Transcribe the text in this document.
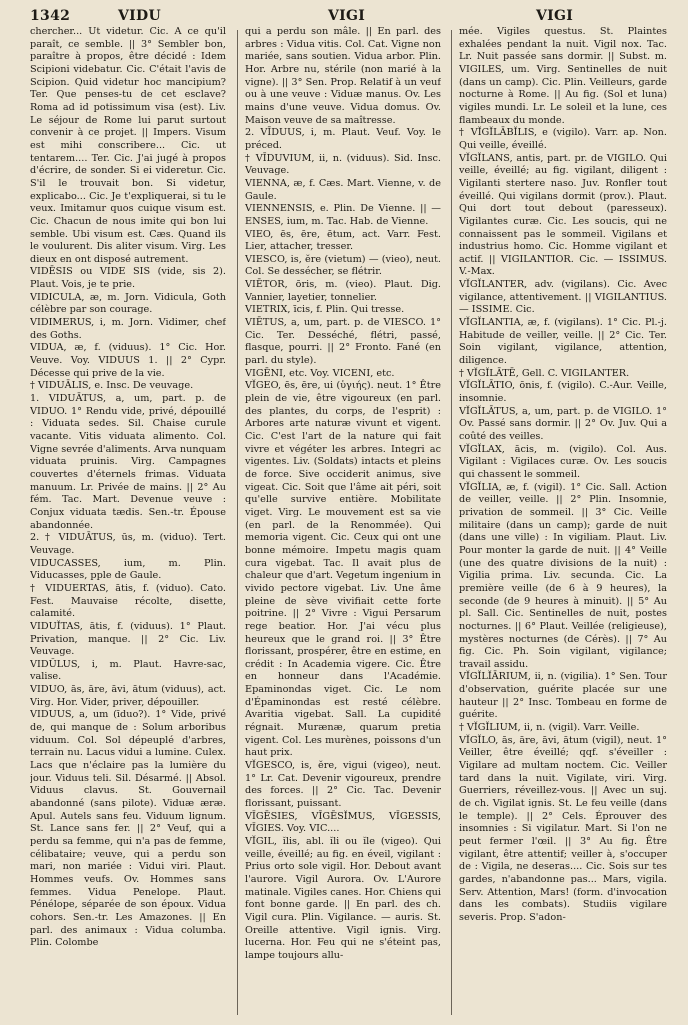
1342	VIDU	VIGI	VIGI

chercher... Ut videtur. Cic. A ce qu'il paraît, ce semble. || 3° Sembler bon, paraître à propos, être décidé : Idem Scipioni videbatur. Cic. C'était l'avis de Scipion. Quid videtur hoc mancipium? Ter. Que penses-tu de cet esclave? Roma ad id potissimum visa (est). Liv. Le séjour de Rome lui parut surtout convenir à ce projet. || Impers. Visum est mihi conscribere... Cic. ut tentarem.... Ter. Cic. J'ai jugé à propos d'écrire, de sonder. Si ei videretur. Cic. S'il le trouvait bon. Si videtur, explicabo... Cic. Je t'expliquerai, si tu le veux. Imitamur quos cuique visum est. Cic. Chacun de nous imite qui bon lui semble. Ubi visum est. Cæs. Quand ils le voulurent. Dis aliter visum. Virg. Les dieux en ont disposé autrement.

VIDĒSIS ou VIDE SIS (vide, sis 2). Plaut. Vois, je te prie.

VIDICULA, æ, m. Jorn. Vidicula, Goth célèbre par son courage.

VIDIMERUS, i, m. Jorn. Vidimer, chef des Goths.

VIDUA, æ, f. (viduus). 1° Cic. Hor. Veuve. Voy. VIDUUS 1. || 2° Cypr. Décesse qui prive de la vie.

† VIDUĀLIS, e. Insc. De veuvage.

1. VIDUĀTUS, a, um, part. p. de VIDUO. 1° Rendu vide, privé, dépouillé : Viduata sedes. Sil. Chaise curule vacante. Vitis viduata alimento. Col. Vigne sevrée d'aliments. Arva nunquam viduata pruinis. Virg. Campagnes couvertes d'éternels frimas. Viduata manuum. Lr. Privée de mains. || 2° Au fém. Tac. Mart. Devenue veuve : Conjux viduata tædis. Sen.-tr. Épouse abandonnée.

2. † VIDUĀTUS, ūs, m. (viduo). Tert. Veuvage.

VIDUCASSES, ium, m. Plin. Viducasses, pple de Gaule.

† VIDUERTAS, ātis, f. (viduo). Cato. Fest. Mauvaise récolte, disette, calamité.

VIDUĬTAS, ātis, f. (viduus). 1° Plaut. Privation, manque. || 2° Cic. Liv. Veuvage.

VIDŬLUS, i, m. Plaut. Havre-sac, valise.

VIDUO, ās, āre, āvi, ātum (viduus), act. Virg. Hor. Vider, priver, dépouiller.

VIDUUS, a, um (īduo?). 1° Vide, privé de, qui manque de : Solum arboribus viduum. Col. Sol dépeuplé d'arbres, terrain nu. Lacus vidui a lumine. Culex. Lacs que n'éclaire pas la lumière du jour. Viduus teli. Sil. Désarmé. || Absol. Viduus clavus. St. Gouvernail abandonné (sans pilote). Viduæ æræ. Apul. Autels sans feu. Viduum lignum. St. Lance sans fer. || 2° Veuf, qui a perdu sa femme, qui n'a pas de femme, célibataire; veuve, qui a perdu son mari, non mariée : Vidui viri. Plaut. Hommes veufs. Ov. Hommes sans femmes. Vidua Penelope. Plaut. Pénélope, séparée de son époux. Vidua cohors. Sen.-tr. Les Amazones. || En parl. des animaux : Vidua columba. Plin. Colombe

qui a perdu son mâle. || En parl. des arbres : Vidua vitis. Col. Cat. Vigne non mariée, sans soutien. Vidua arbor. Plin. Hor. Arbre nu, stérile (non marié à la vigne). || 3° Sen. Prop. Relatif à un veuf ou à une veuve : Viduæ manus. Ov. Les mains d'une veuve. Vidua domus. Ov. Maison veuve de sa maîtresse.

2. VĪDUUS, i, m. Plaut. Veuf. Voy. le préced.

† VĪDUVIUM, ii, n. (viduus). Sid. Insc. Veuvage.

VIENNA, æ, f. Cæs. Mart. Vienne, v. de Gaule.

VIENNENSIS, e. Plin. De Vienne. || — ENSES, ium, m. Tac. Hab. de Vienne.

VIEO, ēs, ēre, ētum, act. Varr. Fest. Lier, attacher, tresser.

VIESCO, is, ĕre (vietum) — (vieo), neut. Col. Se dessécher, se flétrir.

VIĒTOR, ōris, m. (vieo). Plaut. Dig. Vannier, layetier, tonnelier.

VIETRIX, īcis, f. Plin. Qui tresse.

VIĒTUS, a, um, part. p. de VIESCO. 1° Cic. Ter. Desséché, flétri, passé, flasque, pourri. || 2° Fronto. Fané (en parl. du style).

VIGĒNI, etc. Voy. VICENI, etc.

VĬGEO, ēs, ēre, ui (ὑγιής). neut. 1° Être plein de vie, être vigoureux (en parl. des plantes, du corps, de l'esprit) : Arbores arte naturæ vivunt et vigent. Cic. C'est l'art de la nature qui fait vivre et végéter les arbres. Integri ac vigentes. Liv. (Soldats) intacts et pleins de force. Sive occiderit animus, sive vigeat. Cic. Soit que l'âme ait péri, soit qu'elle survive entière. Mobilitate viget. Virg. Le mouvement est sa vie (en parl. de la Renommée). Qui memoria vigent. Cic. Ceux qui ont une bonne mémoire. Impetu magis quam cura vigebat. Tac. Il avait plus de chaleur que d'art. Vegetum ingenium in vivido pectore vigebat. Liv. Une âme pleine de sève vivifiait cette forte poitrine. || 2° Vivre : Vigui Persarum rege beatior. Hor. J'ai vécu plus heureux que le grand roi. || 3° Être florissant, prospérer, être en estime, en crédit : In Academia vigere. Cic. Être en honneur dans l'Académie. Epaminondas viget. Cic. Le nom d'Épaminondas est resté célèbre. Avaritia vigebat. Sall. La cupidité régnait. Murænæ, quarum pretia vigent. Col. Les murènes, poissons d'un haut prix.

VĬGESCO, is, ĕre, vigui (vigeo), neut. 1° Lr. Cat. Devenir vigoureux, prendre des forces. || 2° Cic. Tac. Devenir florissant, puissant.

VĪGĒSIES, VĪGĒSĬMUS, VĪGESSIS, VĪGIES. Voy. VIC....

VĬGIL, ĭlis, abl. ĭli ou ĭle (vigeo). Qui veille, éveillé; au fig. en éveil, vigilant : Prius orto sole vigil. Hor. Debout avant l'aurore. Vigil Aurora. Ov. L'Aurore matinale. Vigiles canes. Hor. Chiens qui font bonne garde. || En parl. des ch. Vigil cura. Plin. Vigilance. — auris. St. Oreille attentive. Vigil ignis. Virg. lucerna. Hor. Feu qui ne s'éteint pas, lampe toujours allu-

mée. Vigiles questus. St. Plaintes exhalées pendant la nuit. Vigil nox. Tac. Lr. Nuit passée sans dormir. || Subst. m. VIGILES, um. Virg. Sentinelles de nuit (dans un camp). Cic. Plin. Veilleurs, garde nocturne à Rome. || Au fig. (Sol et luna) vigiles mundi. Lr. Le soleil et la lune, ces flambeaux du monde.

† VĬGĬLĀBĬLIS, e (vigilo). Varr. ap. Non. Qui veille, éveillé.

VĬGĬLANS, antis, part. pr. de VIGILO. Qui veille, éveillé; au fig. vigilant, diligent : Vigilanti stertere naso. Juv. Ronfler tout éveillé. Qui vigilans dormit (prov.). Plaut. Qui dort tout debout (paresseux). Vigilantes curæ. Cic. Les soucis, qui ne connaissent pas le sommeil. Vigilans et industrius homo. Cic. Homme vigilant et actif. || VIGILANTIOR. Cic. — ISSIMUS. V.-Max.

VĬGĬLANTER, adv. (vigilans). Cic. Avec vigilance, attentivement. || VIGILANTIUS. — ISSIME. Cic.

VĬGĬLANTIA, æ, f. (vigilans). 1° Cic. Pl.-j. Habitude de veiller, veille. || 2° Cic. Ter. Soin vigilant, vigilance, attention, diligence.

† VĬGĬLĀTĒ, Gell. C. VIGILANTER.

VĬGĬLĀTIO, ōnis, f. (vigilo). C.-Aur. Veille, insomnie.

VĬGĬLĀTUS, a, um, part. p. de VIGILO. 1° Ov. Passé sans dormir. || 2° Ov. Juv. Qui a coûté des veilles.

VĬGĬLAX, ācis, m. (vigilo). Col. Aus. Vigilant : Vigilaces curæ. Ov. Les soucis qui chassent le sommeil.

VĬGĬLIA, æ, f. (vigil). 1° Cic. Sall. Action de veiller, veille. || 2° Plin. Insomnie, privation de sommeil. || 3° Cic. Veille militaire (dans un camp); garde de nuit (dans une ville) : In vigiliam. Plaut. Liv. Pour monter la garde de nuit. || 4° Veille (une des quatre divisions de la nuit) : Vigilia prima. Liv. secunda. Cic. La première veille (de 6 à 9 heures), la seconde (de 9 heures à minuit). || 5° Au pl. Sall. Cic. Sentinelles de nuit, postes nocturnes. || 6° Plaut. Veillée (religieuse), mystères nocturnes (de Cérès). || 7° Au fig. Cic. Ph. Soin vigilant, vigilance; travail assidu.

VĬGĬLĬĀRIUM, ii, n. (vigilia). 1° Sen. Tour d'observation, guérite placée sur une hauteur || 2° Insc. Tombeau en forme de guérite.

† VĬGĬLIUM, ii, n. (vigil). Varr. Veille.

VĬGĬLO, ās, āre, āvi, ātum (vigil), neut. 1° Veiller, être éveillé; qqf. s'éveiller : Vigilare ad multam noctem. Cic. Veiller tard dans la nuit. Vigilate, viri. Virg. Guerriers, réveillez-vous. || Avec un suj. de ch. Vigilat ignis. St. Le feu veille (dans le temple). || 2° Cels. Éprouver des insomnies : Si vigilatur. Mart. Si l'on ne peut fermer l'œil. || 3° Au fig. Être vigilant, être attentif; veiller à, s'occuper de : Vigila, ne deseras.... Cic. Sois sur tes gardes, n'abandonne pas... Mars, vigila. Serv. Attention, Mars! (form. d'invocation dans les combats). Studiis vigilare severis. Prop. S'adon-
